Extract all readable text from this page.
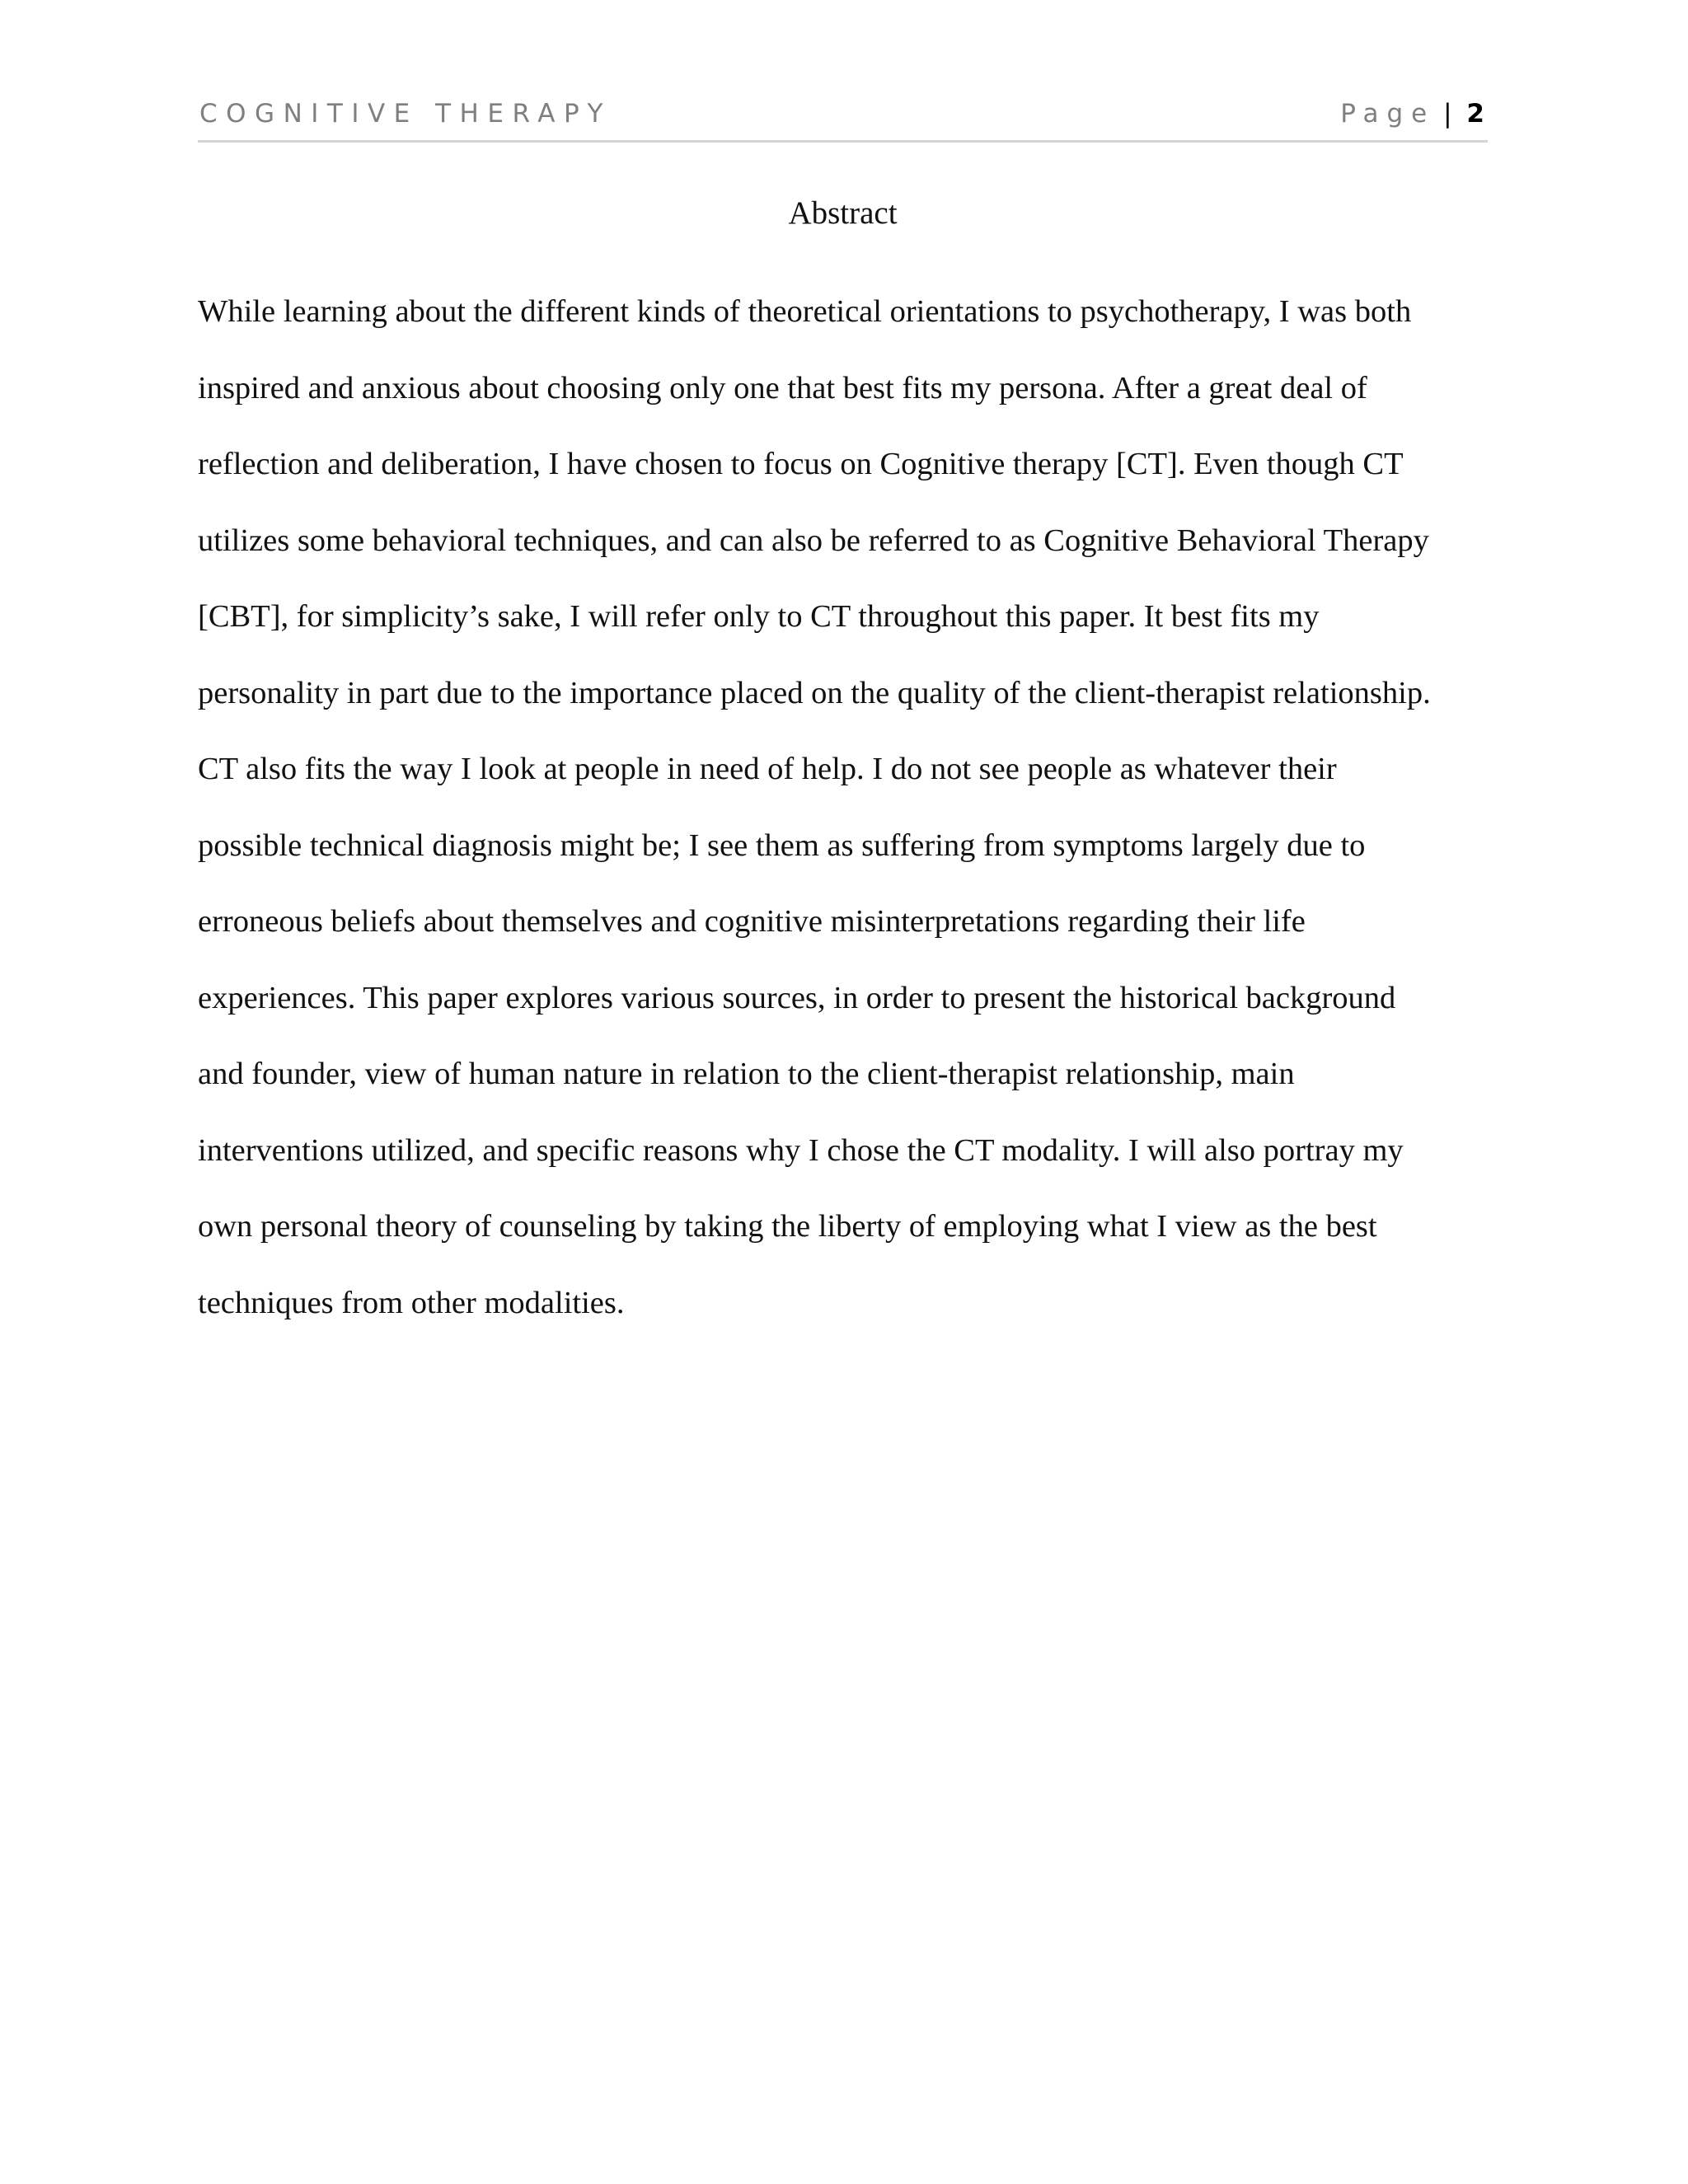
COGNITIVE THERAPY	Page | 2
Abstract
While learning about the different kinds of theoretical orientations to psychotherapy, I was both
inspired and anxious about choosing only one that best fits my persona. After a great deal of
reflection and deliberation, I have chosen to focus on Cognitive therapy [CT]. Even though CT
utilizes some behavioral techniques, and can also be referred to as Cognitive Behavioral Therapy
[CBT], for simplicity’s sake, I will refer only to CT throughout this paper. It best fits my
personality in part due to the importance placed on the quality of the client-therapist relationship.
CT also fits the way I look at people in need of help. I do not see people as whatever their
possible technical diagnosis might be; I see them as suffering from symptoms largely due to
erroneous beliefs about themselves and cognitive misinterpretations regarding their life
experiences. This paper explores various sources, in order to present the historical background
and founder, view of human nature in relation to the client-therapist relationship, main
interventions utilized, and specific reasons why I chose the CT modality. I will also portray my
own personal theory of counseling by taking the liberty of employing what I view as the best
techniques from other modalities.
